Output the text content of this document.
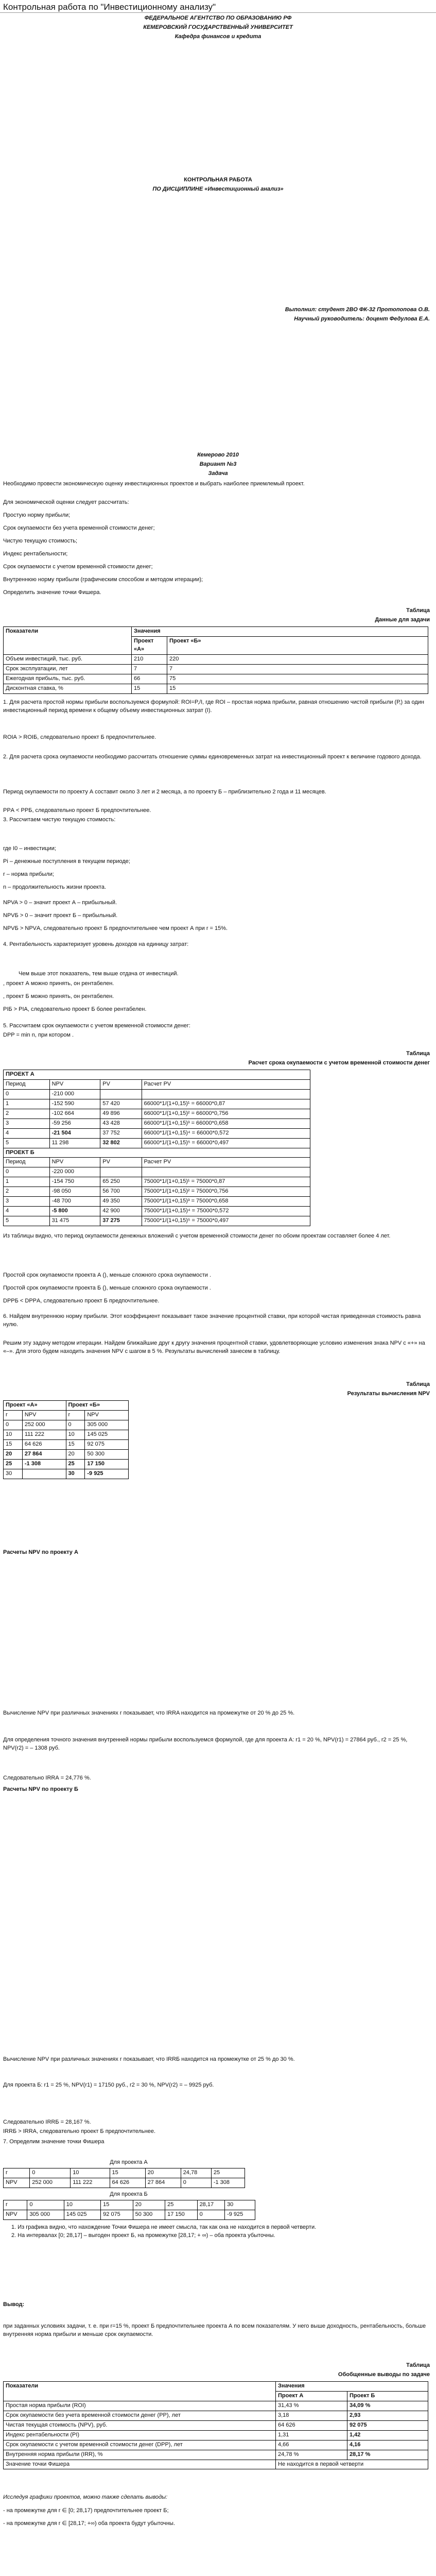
Контрольная работа по "Инвестиционному анализу"
ФЕДЕРАЛЬНОЕ АГЕНТСТВО ПО ОБРАЗОВАНИЮ РФ
КЕМЕРОВСКИЙ ГОСУДАРСТВЕННЫЙ УНИВЕРСИТЕТ
Кафедра финансов и кредита
КОНТРОЛЬНАЯ РАБОТА
ПО ДИСЦИПЛИНЕ «Инвестиционный анализ»
Выполнил: студент 2ВО ФК-32 Протопопова О.В.
Научный руководитель: доцент Федулова Е.А.
Кемерово 2010
Вариант №3
Задача
Необходимо провести экономическую оценку инвестиционных проектов и выбрать наиболее приемлемый проект.

Для экономической оценки следует рассчитать:

Простую норму прибыли;

Срок окупаемости без учета временной стоимости денег;

Чистую текущую стоимость;

Индекс рентабельности;

Срок окупаемости с учетом временной стоимости денег;

Внутреннюю норму прибыли (графическим способом и методом итерации);

Определить значение точки Фишера.

Таблица
Данные для задачи
Показатели	Значения	
	Проект «А»	Проект «Б»
Объем инвестиций, тыс. руб.	210	220
Срок эксплуатации, лет	7	7
Ежегодная прибыль, тыс. руб.	66	75
Дисконтная ставка, %	15	15
1. Для расчета простой нормы прибыли воспользуемся формулой: ROI=P,/I, где ROI – простая норма прибыли, равная отношению чистой прибыли (Р,) за один инвестиционный период времени к общему объему инвестиционных затрат (I).
ROIА > ROIБ, следовательно проект Б предпочтительнее.
2. Для расчета срока окупаемости необходимо рассчитать отношение суммы единовременных затрат на инвестиционный проект к величине годового дохода.
Период окупаемости по проекту А составит около 3 лет и 2 месяца, а по проекту Б – приблизительно 2 года и 11 месяцев.
PPА < PPБ, следовательно проект Б предпочтительнее.
3. Рассчитаем чистую текущую стоимость:

где I0 – инвестиции;

Рi – денежные поступления в текущем периоде;

r – норма прибыли;

n – продолжительность жизни проекта.

NPVA > 0 – значит проект А – прибыльный.

NPVБ > 0 – значит проект Б – прибыльный.

NPVБ > NPVА, следовательно проект Б предпочтительнее чем проект А при r = 15%.

4. Рентабельность характеризует уровень доходов на единицу затрат:
Чем выше этот показатель, тем выше отдача от инвестиций.

, проект А можно принять, он рентабелен.

, проект Б можно принять, он рентабелен.

PIБ > PIА, следовательно проект Б более рентабелен.

5. Рассчитаем срок окупаемости с учетом временной стоимости денег:
DPP = min n, при котором .
Таблица
Расчет срока окупаемости с учетом временной стоимости денег
ПРОЕКТ А			
Период	NPV	PV	Расчет PV
0	-210 000		
1	-152 590	57 420	66000*1/(1+0,15)¹ = 66000*0,87
2	-102 664	49 896	66000*1/(1+0,15)² = 66000*0,756
3	-59 256	43 428	66000*1/(1+0,15)³ = 66000*0,658
4	-21 504	37 752	66000*1/(1+0,15)⁴ = 66000*0,572
5	11 298	32 802	66000*1/(1+0,15)⁵ = 66000*0,497
ПРОЕКТ Б			
Период	NPV	PV	Расчет PV
0	-220 000		
1	-154 750	65 250	75000*1/(1+0,15)¹ = 75000*0,87
2	-98 050	56 700	75000*1/(1+0,15)² = 75000*0,756
3	-48 700	49 350	75000*1/(1+0,15)³ = 75000*0,658
4	-5 800	42 900	75000*1/(1+0,15)⁴ = 75000*0,572
5	31 475	37 275	75000*1/(1+0,15)⁵ = 75000*0,497
Из таблицы видно, что период окупаемости денежных вложений с учетом временной стоимости денег по обоим проектам составляет более 4 лет.

Простой срок окупаемости проекта А (), меньше сложного срока окупаемости .

Простой срок окупаемости проекта Б (), меньше сложного срока окупаемости .

DPPБ < DPPА, следовательно проект Б предпочтительнее.

6. Найдем внутреннюю норму прибыли. Этот коэффициент показывает такое значение процентной ставки, при которой чистая приведенная стоимость равна нулю.
Решим эту задачу методом итерации. Найдем ближайшие друг к другу значения процентной ставки, удовлетворяющие условию изменения знака NPV с «+» на «–». Для этого будем находить значения NPV с шагом в 5 %. Результаты вычислений занесем в таблицу.
Таблица
Результаты вычисления NPV
Проект «А»		Проект «Б»	
r	NPV	r	NPV
0	252 000	0	305 000
10	111 222	10	145 025
15	64 626	15	92 075
20	27 864	20	50 300
25	-1 308	25	17 150
30		30	-9 925
Расчеты NPV по проекту А
Вычисление NPV при различных значениях r показывает, что IRRA находится на промежутке от 20 % до 25 %.
Для определения точного значения внутренней нормы прибыли воспользуемся формулой, где для проекта А: r1 = 20 %, NPV(r1) = 27864 руб., r2 = 25 %, NPV(r2) = – 1308 руб.
Следовательно IRRА = 24,776 %.
Расчеты NPV по проекту Б
Вычисление NPV при различных значениях r показывает, что IRRБ находится на промежутке от 25 % до 30 %.
Для проекта Б: r1 = 25 %, NPV(r1) = 17150 руб., r2 = 30 %, NPV(r2) = – 9925 руб.
Следовательно IRRБ = 28,167 %.
IRRБ > IRRА, следовательно проект Б предпочтительнее.
7. Определим значение точки Фишера
Для проекта А
r	0	10	15	20	24,78	25
NPV	252 000	111 222	64 626	27 864	0	-1 308
Для проекта Б
r	0	10	15	20	25	28,17	30
NPV	305 000	145 025	92 075	50 300	17 150	0	-9 925

1. Из графика видно, что нахождение Точки Фишера не имеет смысла, так как она не находится в первой четверти.

2. На интервалах [0; 28,17] – выгоден проект Б, на промежутке [28,17; + ∞) – оба проекта убыточны.

Вывод:
при заданных условиях задачи, т. е. при r=15 %, проект Б предпочтительнее проекта А по всем показателям. У него выше доходность, рентабельность, больше внутренняя норма прибыли и меньше срок окупаемости.
Таблица
Обобщенные выводы по задаче
Показатели	Значения	
	Проект А	Проект Б
Простая норма прибыли (ROI)	31,43 %	34,09 %
Срок окупаемости без учета временной стоимости денег (PP), лет	3,18	2,93
Чистая текущая стоимость (NPV), руб.	64 626	92 075
Индекс рентабельности (PI)	1,31	1,42
Срок окупаемости с учетом временной стоимости денег (DPP), лет	4,66	4,16
Внутренняя норма прибыли (IRR), %	24,78 %	28,17 %
Значение точки Фишера	Не находится в первой четверти	
Исследуя графики проектов, можно также сделать выводы:

- на промежутке для r ∈ [0; 28,17) предпочтительнее проект Б;

- на промежутке для r ∈ [28,17; +∞) оба проекта будут убыточны.
